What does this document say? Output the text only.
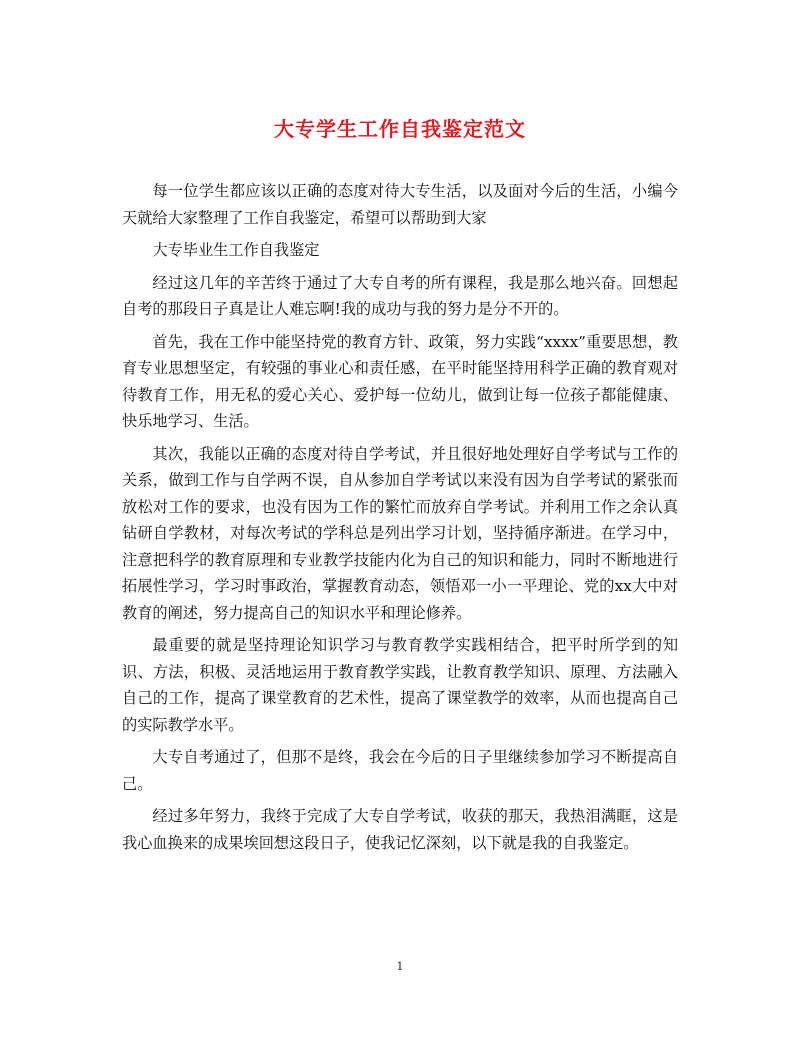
大专学生工作自我鉴定范文

每一位学生都应该以正确的态度对待大专生活，以及面对今后的生活，小编今天就给大家整理了工作自我鉴定，希望可以帮助到大家

大专毕业生工作自我鉴定

经过这几年的辛苦终于通过了大专自考的所有课程，我是那么地兴奋。回想起自考的那段日子真是让人难忘啊!我的成功与我的努力是分不开的。

首先，我在工作中能坚持党的教育方针、政策，努力实践“xxxx”重要思想，教育专业思想坚定，有较强的事业心和责任感，在平时能坚持用科学正确的教育观对待教育工作，用无私的爱心关心、爱护每一位幼儿，做到让每一位孩子都能健康、快乐地学习、生活。

其次，我能以正确的态度对待自学考试，并且很好地处理好自学考试与工作的关系，做到工作与自学两不误，自从参加自学考试以来没有因为自学考试的紧张而放松对工作的要求，也没有因为工作的繁忙而放弃自学考试。并利用工作之余认真钻研自学教材，对每次考试的学科总是列出学习计划，坚持循序渐进。在学习中，注意把科学的教育原理和专业教学技能内化为自己的知识和能力，同时不断地进行拓展性学习，学习时事政治，掌握教育动态，领悟邓一小一平理论、党的xx大中对教育的阐述，努力提高自己的知识水平和理论修养。

最重要的就是坚持理论知识学习与教育教学实践相结合，把平时所学到的知识、方法，积极、灵活地运用于教育教学实践，让教育教学知识、原理、方法融入自己的工作，提高了课堂教育的艺术性，提高了课堂教学的效率，从而也提高自己的实际教学水平。

大专自考通过了，但那不是终，我会在今后的日子里继续参加学习不断提高自己。

经过多年努力，我终于完成了大专自学考试，收获的那天，我热泪满眶，这是我心血换来的成果埃回想这段日子，使我记忆深刻，以下就是我的自我鉴定。

1
